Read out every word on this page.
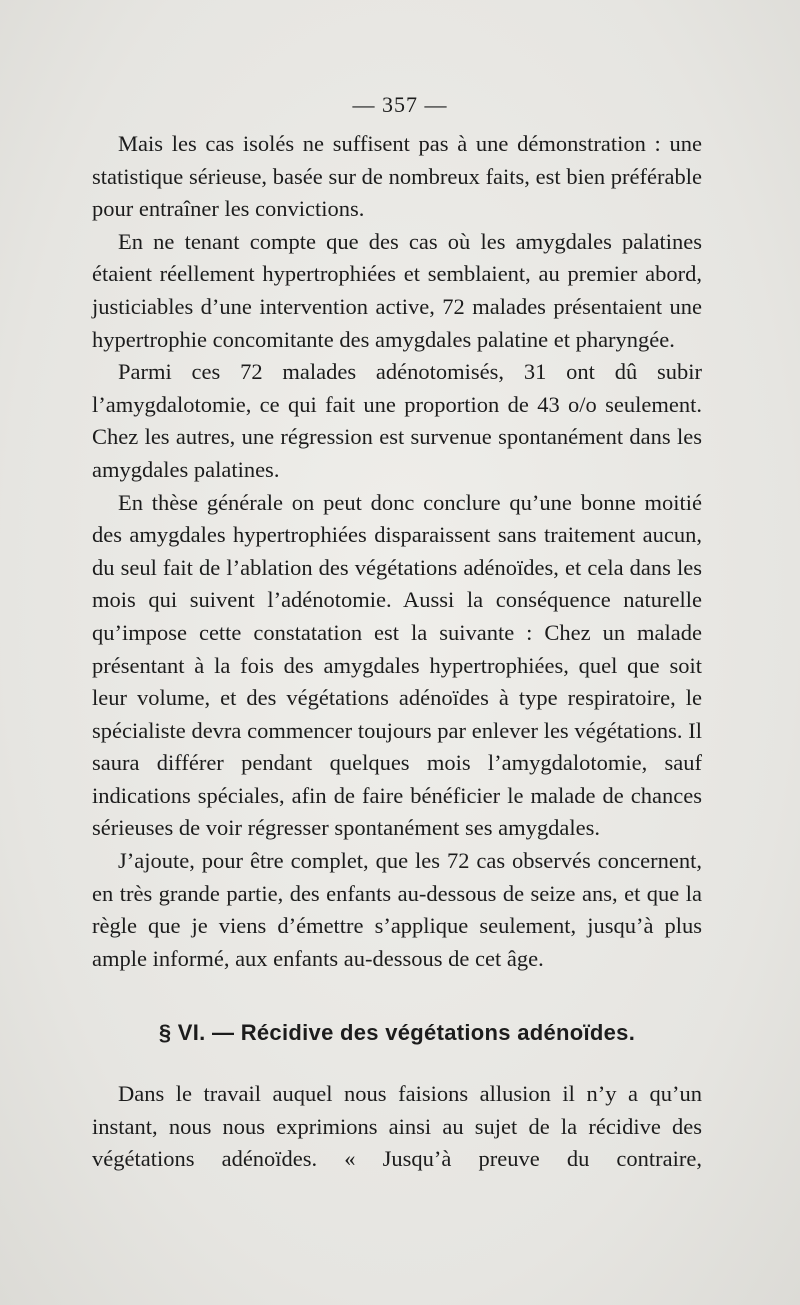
— 357 —

Mais les cas isolés ne suffisent pas à une démonstration : une statistique sérieuse, basée sur de nombreux faits, est bien préférable pour entraîner les convictions.

En ne tenant compte que des cas où les amygdales palatines étaient réellement hypertrophiées et semblaient, au premier abord, justiciables d’une intervention active, 72 malades présentaient une hypertrophie concomitante des amygdales palatine et pharyngée.

Parmi ces 72 malades adénotomisés, 31 ont dû subir l’amygdalotomie, ce qui fait une proportion de 43 o/o seulement. Chez les autres, une régression est survenue spontanément dans les amygdales palatines.

En thèse générale on peut donc conclure qu’une bonne moitié des amygdales hypertrophiées disparaissent sans traitement aucun, du seul fait de l’ablation des végétations adénoïdes, et cela dans les mois qui suivent l’adénotomie. Aussi la conséquence naturelle qu’impose cette constatation est la suivante : Chez un malade présentant à la fois des amygdales hypertrophiées, quel que soit leur volume, et des végétations adénoïdes à type respiratoire, le spécialiste devra commencer toujours par enlever les végétations. Il saura différer pendant quelques mois l’amygdalotomie, sauf indications spéciales, afin de faire bénéficier le malade de chances sérieuses de voir régresser spontanément ses amygdales.

J’ajoute, pour être complet, que les 72 cas observés concernent, en très grande partie, des enfants au-dessous de seize ans, et que la règle que je viens d’émettre s’applique seulement, jusqu’à plus ample informé, aux enfants au-dessous de cet âge.

§ VI. — Récidive des végétations adénoïdes.

Dans le travail auquel nous faisions allusion il n’y a qu’un instant, nous nous exprimions ainsi au sujet de la récidive des végétations adénoïdes. « Jusqu’à preuve du contraire,
